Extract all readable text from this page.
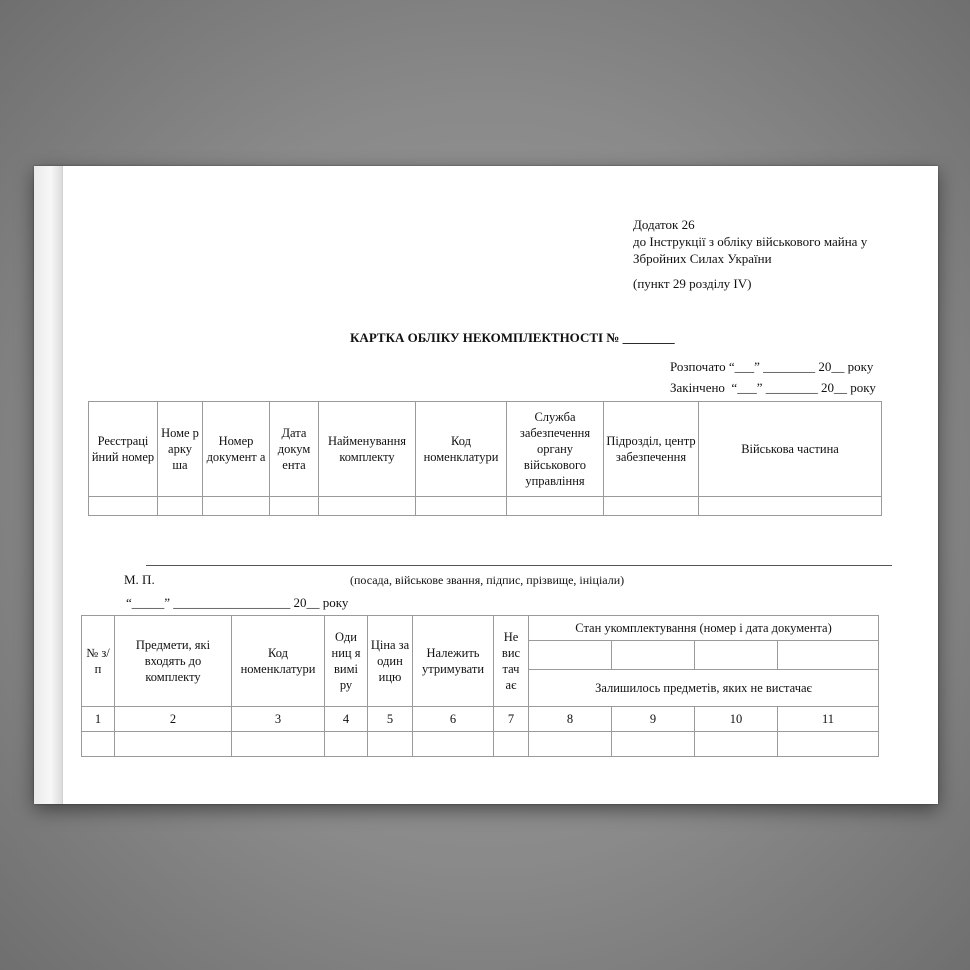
Додаток 26
до Інструкції з обліку військового майна у
Збройних Силах України
(пункт 29 розділу IV)
КАРТКА ОБЛІКУ НЕКОМПЛЕКТНОСТІ № ________
Розпочато “___” ________ 20__ року
Закінчено  “___” ________ 20__ року
Реєстраці йний номер	Номе р арку ша	Номер документ а	Дата докум ента	Найменування комплекту	Код номенклатури	Служба забезпечення органу військового управління	Підрозділ, центр забезпечення	Військова частина

М. П.	(посада, військове звання, підпис, прізвище, ініціали)
“_____” __________________ 20__ року
№ з/п	Предмети, які входять до комплекту	Код номенклатури	Оди ниц я вимі ру	Ціна за один ицю	Належить утримувати	Не вис тач ає	Стан укомплектування (номер і дата документа)			

							Залишилось предметів, яких не вистачає			
1	2	3	4	5	6	7	8	9	10	11
